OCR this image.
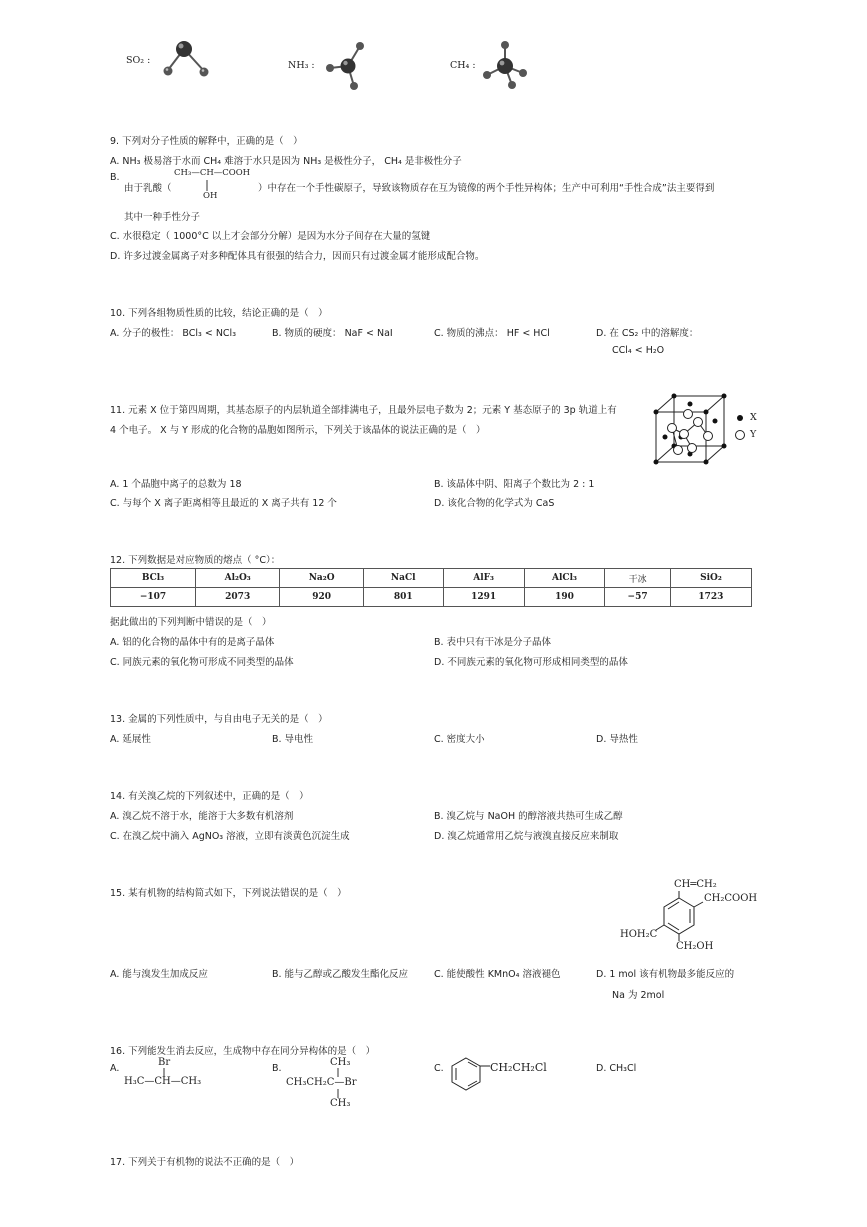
SO₂ :	NH₃ :	CH₄ :
9. 下列对分子性质的解释中，正确的是（　）
A. NH₃ 极易溶于水而 CH₄ 难溶于水只是因为 NH₃ 是极性分子， CH₄ 是非极性分子
B.
由于乳酸（
CH₃—CH—COOH
OH
）中存在一个手性碳原子，导致该物质存在互为镜像的两个手性异构体；生产中可利用“手性合成”法主要得到
其中一种手性分子
C. 水很稳定（ 1000°C 以上才会部分分解）是因为水分子间存在大量的氢键
D. 许多过渡金属离子对多种配体具有很强的结合力，因而只有过渡金属才能形成配合物。
10. 下列各组物质性质的比较，结论正确的是（　）
A. 分子的极性： BCl₃ < NCl₃	B. 物质的硬度： NaF < NaI	C. 物质的沸点： HF < HCl	D. 在 CS₂ 中的溶解度：
CCl₄ < H₂O
11. 元素 X 位于第四周期，其基态原子的内层轨道全部排满电子，且最外层电子数为 2；元素 Y 基态原子的 3p 轨道上有
4 个电子。 X 与 Y 形成的化合物的晶胞如图所示，下列关于该晶体的说法正确的是（　）
X
Y
A. 1 个晶胞中离子的总数为 18	B. 该晶体中阴、阳离子个数比为 2 : 1
C. 与每个 X 离子距离相等且最近的 X 离子共有 12 个	D. 该化合物的化学式为 CaS
12. 下列数据是对应物质的熔点（ °C）：
BCl₃	Al₂O₃	Na₂O	NaCl	AlF₃	AlCl₃	干冰	SiO₂
−107	2073	920	801	1291	190	−57	1723
据此做出的下列判断中错误的是（　）
A. 铝的化合物的晶体中有的是离子晶体	B. 表中只有干冰是分子晶体
C. 同族元素的氧化物可形成不同类型的晶体	D. 不同族元素的氧化物可形成相同类型的晶体
13. 金属的下列性质中，与自由电子无关的是（　）
A. 延展性	B. 导电性	C. 密度大小	D. 导热性
14. 有关溴乙烷的下列叙述中，正确的是（　）
A. 溴乙烷不溶于水，能溶于大多数有机溶剂	B. 溴乙烷与 NaOH 的醇溶液共热可生成乙醇
C. 在溴乙烷中滴入 AgNO₃ 溶液，立即有淡黄色沉淀生成	D. 溴乙烷通常用乙烷与液溴直接反应来制取
15. 某有机物的结构简式如下，下列说法错误的是（　）
CH═CH₂
CH₂COOH
HOH₂C
CH₂OH
A. 能与溴发生加成反应	B. 能与乙醇或乙酸发生酯化反应	C. 能使酸性 KMnO₄ 溶液褪色	D. 1 mol 该有机物最多能反应的
Na 为 2mol
16. 下列能发生消去反应，生成物中存在同分异构体的是（　）
A.
Br
H₃C—CH—CH₃
B.
CH₃
CH₃CH₂C—Br
CH₃
C.	CH₂CH₂Cl	D. CH₃Cl
17. 下列关于有机物的说法不正确的是（　）
